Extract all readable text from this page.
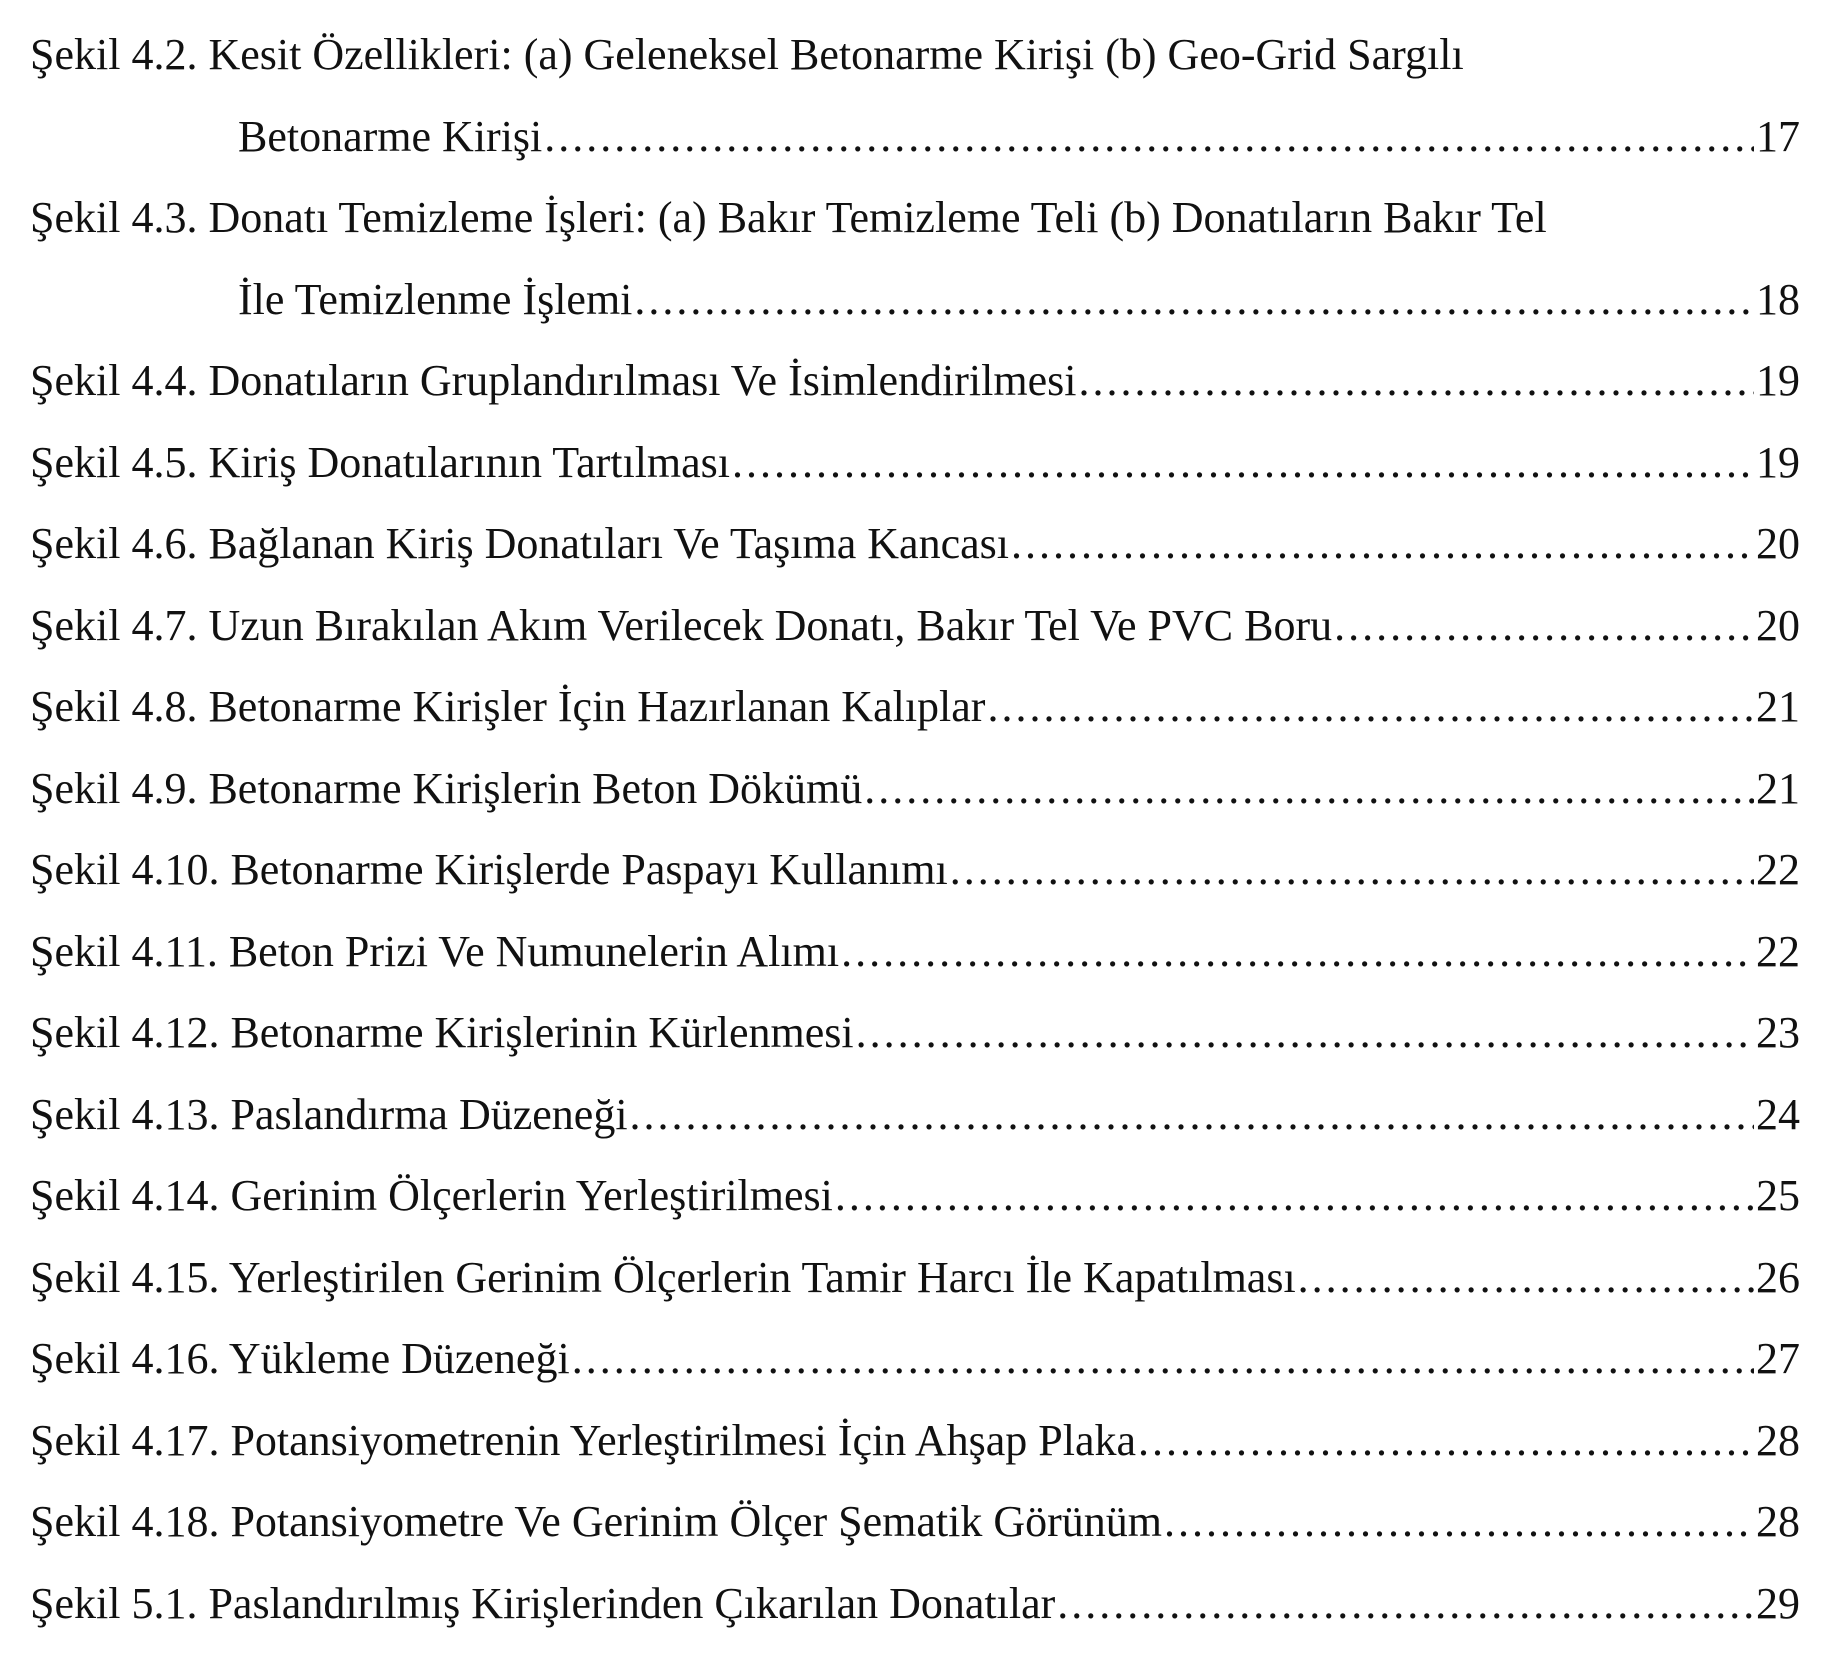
Şekil 4.2. Kesit Özellikleri: (a) Geleneksel Betonarme Kirişi (b) Geo-Grid Sargılı
Betonarme Kirişi .....	17
Şekil 4.3. Donatı Temizleme İşleri: (a) Bakır Temizleme Teli (b) Donatıların Bakır Tel
İle Temizlenme İşlemi .....	18
Şekil 4.4. Donatıların Gruplandırılması Ve İsimlendirilmesi .....	19
Şekil 4.5. Kiriş Donatılarının Tartılması .....	19
Şekil 4.6. Bağlanan Kiriş Donatıları Ve Taşıma Kancası .....	20
Şekil 4.7. Uzun Bırakılan Akım Verilecek Donatı, Bakır Tel Ve PVC Boru .....	20
Şekil 4.8. Betonarme Kirişler İçin Hazırlanan Kalıplar .....	21
Şekil 4.9. Betonarme Kirişlerin Beton Dökümü .....	21
Şekil 4.10. Betonarme Kirişlerde Paspayı Kullanımı .....	22
Şekil 4.11. Beton Prizi Ve Numunelerin Alımı .....	22
Şekil 4.12. Betonarme Kirişlerinin Kürlenmesi .....	23
Şekil 4.13. Paslandırma Düzeneği .....	24
Şekil 4.14. Gerinim Ölçerlerin Yerleştirilmesi .....	25
Şekil 4.15. Yerleştirilen Gerinim Ölçerlerin Tamir Harcı İle Kapatılması .....	26
Şekil 4.16. Yükleme Düzeneği .....	27
Şekil 4.17. Potansiyometrenin Yerleştirilmesi İçin Ahşap Plaka .....	28
Şekil 4.18. Potansiyometre Ve Gerinim Ölçer Şematik Görünüm .....	28
Şekil 5.1. Paslandırılmış Kirişlerinden Çıkarılan Donatılar .....	29
